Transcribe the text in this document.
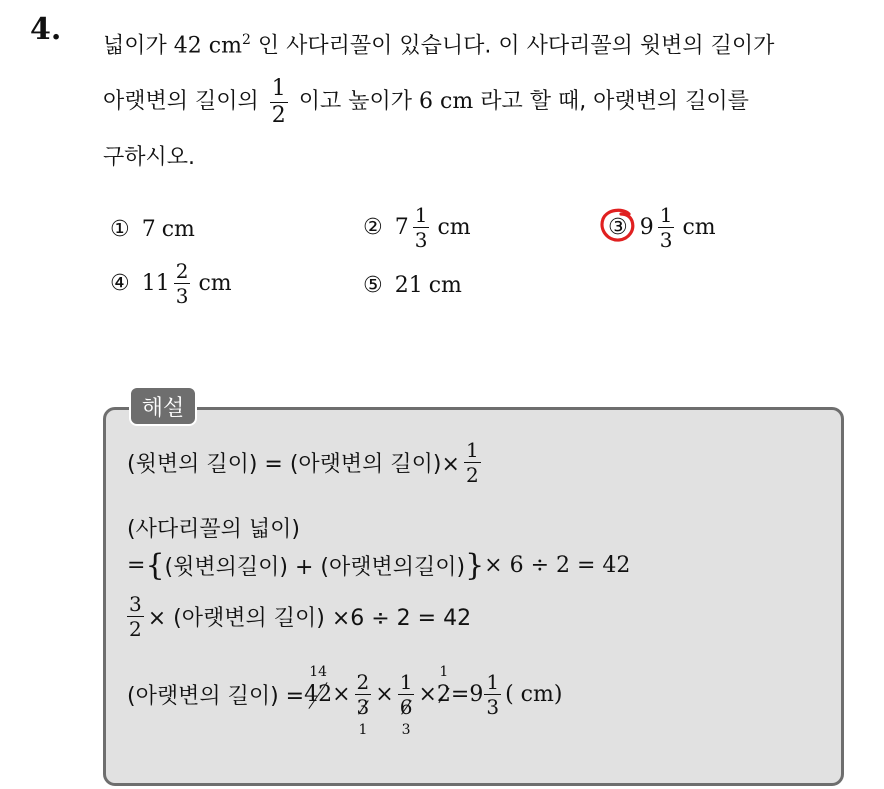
4. 넓이가 42 $cm^2$ 인 사다리꼴이 있습니다. 이 사다리꼴의 윗변의 길이가
아랫변의 길이의 $\frac{1}{2}$ 이고 높이가 6 cm 라고 할 때, 아랫변의 길이를
구하시오.
① 7 cm	② $7 \frac{1}{3}$ cm	③ $9 \frac{1}{3}$ cm
④ $11 \frac{2}{3}$ cm	⑤ 21 cm
해설
(윗변의 길이) = (아랫변의 길이)× $\frac{1}{2}$
(사다리꼴의 넓이)
= { (윗변의길이) + (아랫변의길이) } × 6 ÷ 2 = 42
$\frac{3}{2}$ × (아랫변의 길이) ×6 ÷ 2 = 42
(아랫변의 길이) =
14
42 × 2
3
1 × 1
6
3 ×
1
$2 = 9 \frac{1}{3}$ ( cm)
